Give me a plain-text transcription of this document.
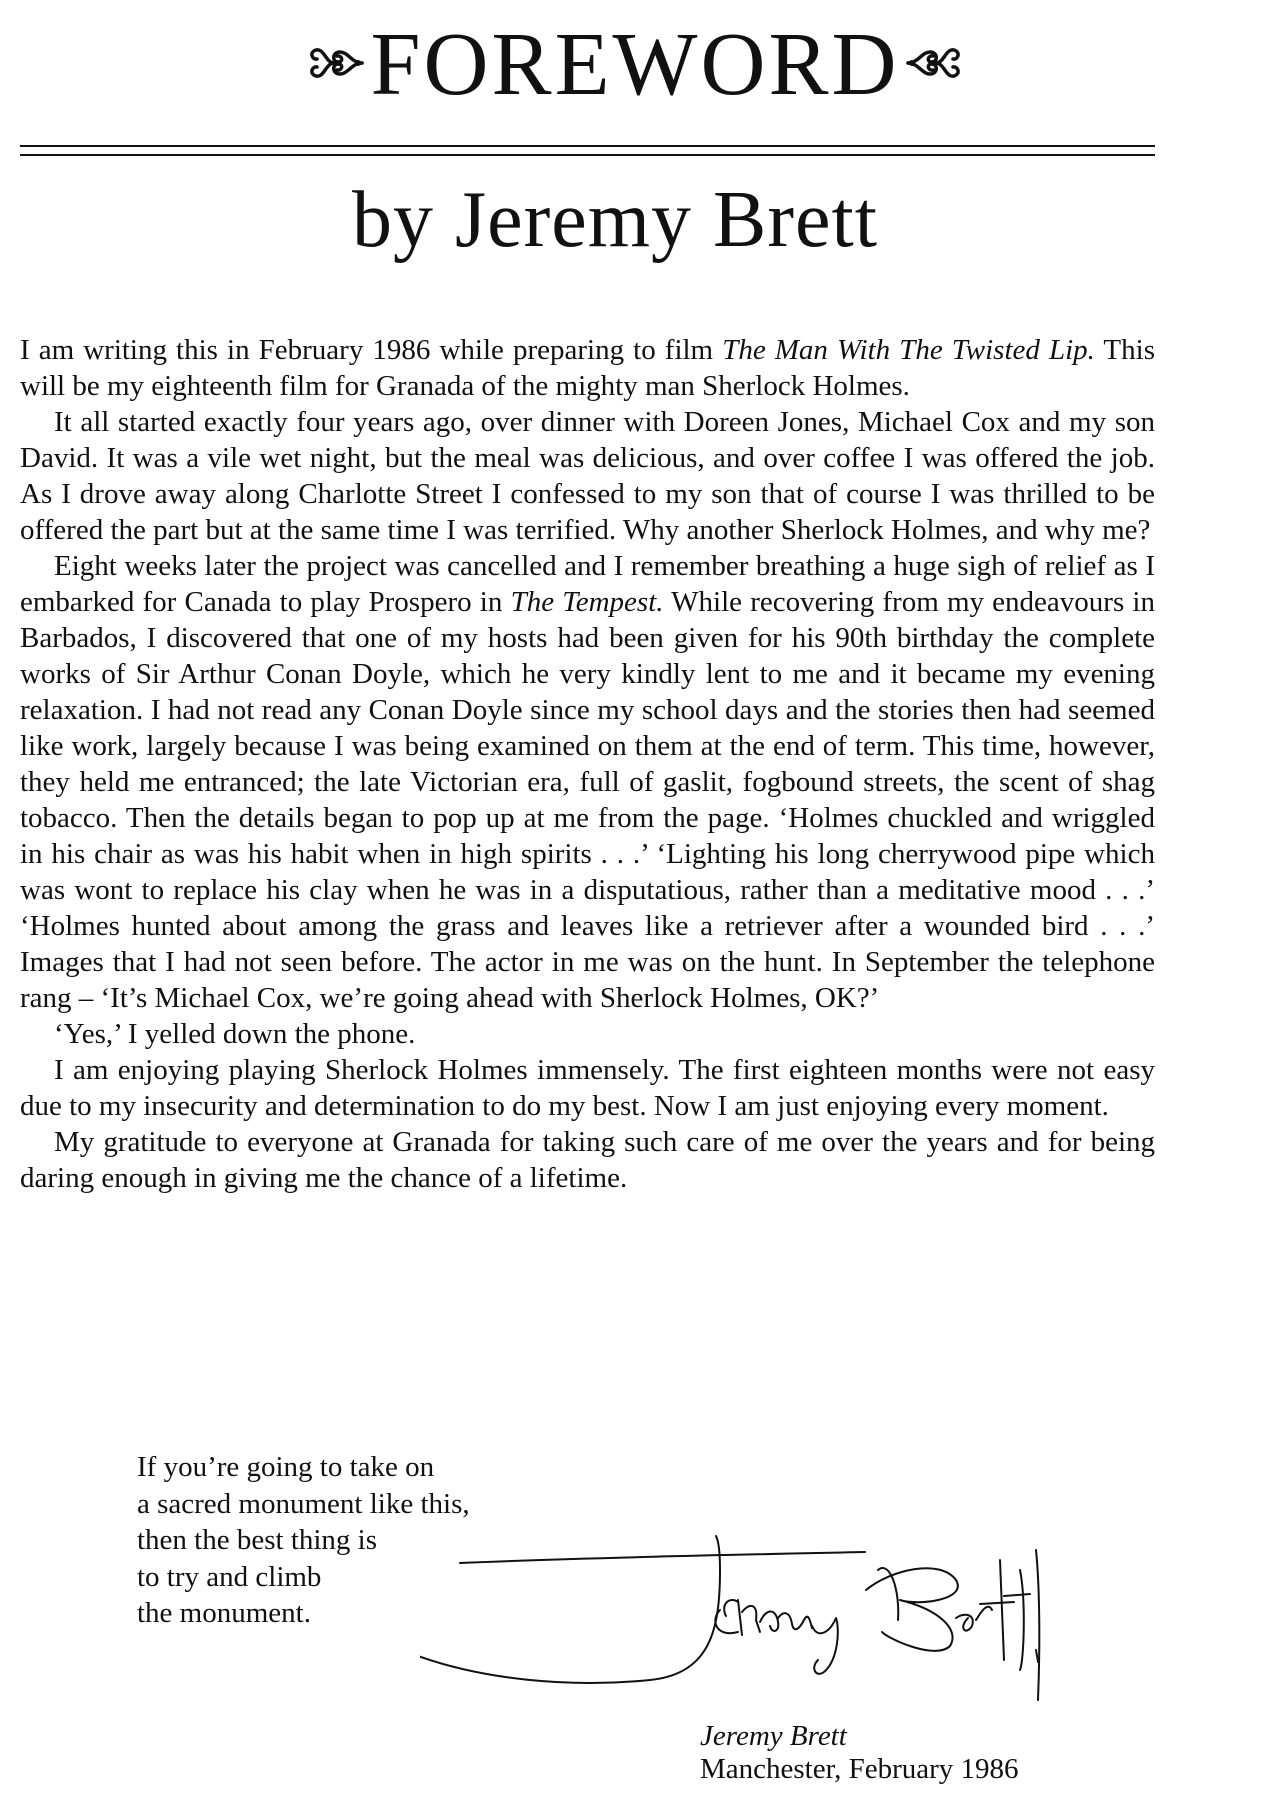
FOREWORD
by Jeremy Brett

I am writing this in February 1986 while preparing to film The Man With The Twisted Lip. This will be my eighteenth film for Granada of the mighty man Sherlock Holmes.

It all started exactly four years ago, over dinner with Doreen Jones, Michael Cox and my son David. It was a vile wet night, but the meal was delicious, and over coffee I was offered the job. As I drove away along Charlotte Street I confessed to my son that of course I was thrilled to be offered the part but at the same time I was terrified. Why another Sherlock Holmes, and why me?

Eight weeks later the project was cancelled and I remember breathing a huge sigh of relief as I embarked for Canada to play Prospero in The Tempest. While recovering from my endeavours in Barbados, I discovered that one of my hosts had been given for his 90th birthday the complete works of Sir Arthur Conan Doyle, which he very kindly lent to me and it became my evening relaxation. I had not read any Conan Doyle since my school days and the stories then had seemed like work, largely because I was being examined on them at the end of term. This time, however, they held me entranced; the late Victorian era, full of gaslit, fogbound streets, the scent of shag tobacco. Then the details began to pop up at me from the page. ‘Holmes chuckled and wriggled in his chair as was his habit when in high spirits . . .’ ‘Lighting his long cherrywood pipe which was wont to replace his clay when he was in a disputatious, rather than a meditative mood . . .’ ‘Holmes hunted about among the grass and leaves like a retriever after a wounded bird . . .’ Images that I had not seen before. The actor in me was on the hunt. In September the telephone rang – ‘It’s Michael Cox, we’re going ahead with Sherlock Holmes, OK?’

‘Yes,’ I yelled down the phone.

I am enjoying playing Sherlock Holmes immensely. The first eighteen months were not easy due to my insecurity and determination to do my best. Now I am just enjoying every moment.

My gratitude to everyone at Granada for taking such care of me over the years and for being daring enough in giving me the chance of a lifetime.

If you’re going to take on
a sacred monument like this,
then the best thing is
to try and climb
the monument.
Jeremy Brett
Manchester, February 1986
